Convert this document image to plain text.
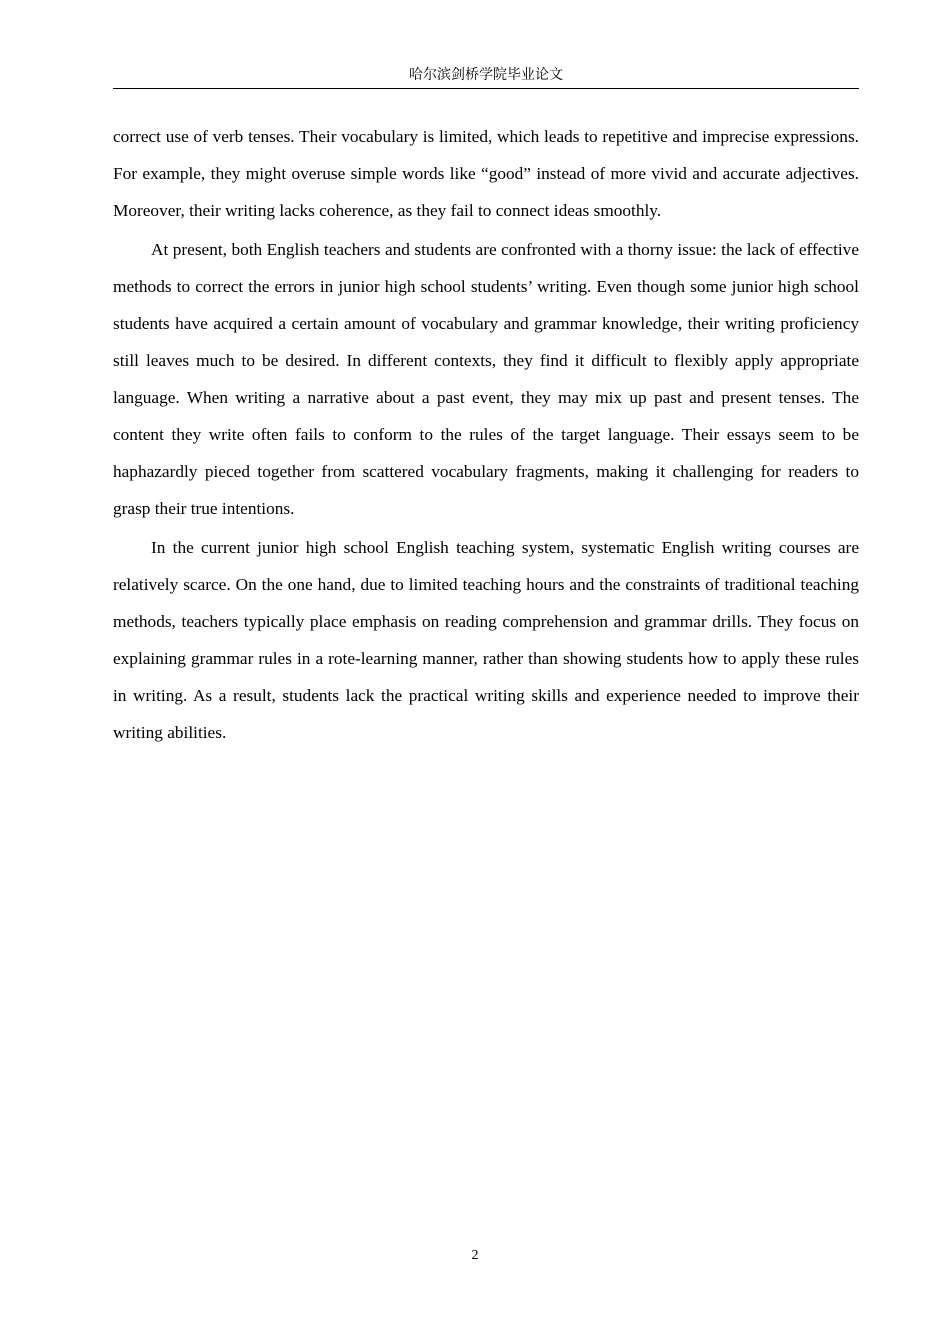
哈尔滨剑桥学院毕业论文

correct use of verb tenses. Their vocabulary is limited, which leads to repetitive and imprecise expressions. For example, they might overuse simple words like “good” instead of more vivid and accurate adjectives. Moreover, their writing lacks coherence, as they fail to connect ideas smoothly.

At present, both English teachers and students are confronted with a thorny issue: the lack of effective methods to correct the errors in junior high school students’ writing. Even though some junior high school students have acquired a certain amount of vocabulary and grammar knowledge, their writing proficiency still leaves much to be desired. In different contexts, they find it difficult to flexibly apply appropriate language. When writing a narrative about a past event, they may mix up past and present tenses. The content they write often fails to conform to the rules of the target language. Their essays seem to be haphazardly pieced together from scattered vocabulary fragments, making it challenging for readers to grasp their true intentions.

In the current junior high school English teaching system, systematic English writing courses are relatively scarce. On the one hand, due to limited teaching hours and the constraints of traditional teaching methods, teachers typically place emphasis on reading comprehension and grammar drills. They focus on explaining grammar rules in a rote-learning manner, rather than showing students how to apply these rules in writing. As a result, students lack the practical writing skills and experience needed to improve their writing abilities.

2
